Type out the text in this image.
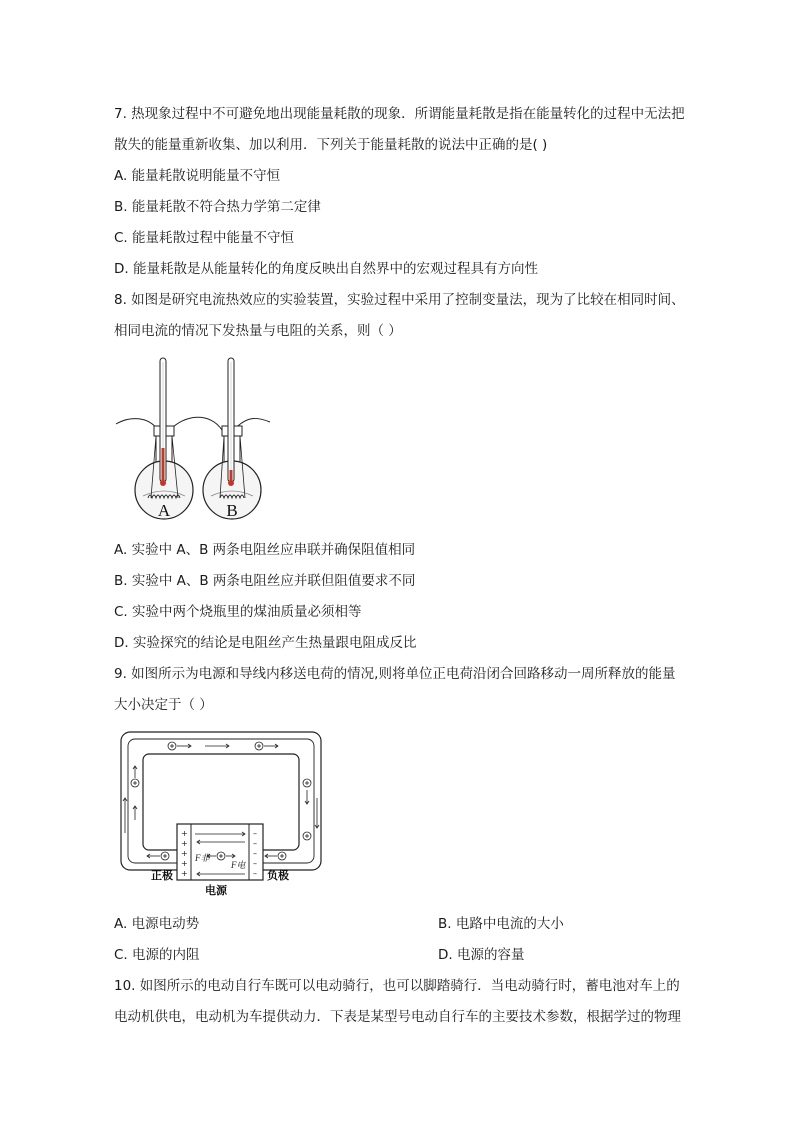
7. 热现象过程中不可避免地出现能量耗散的现象．所谓能量耗散是指在能量转化的过程中无法把
散失的能量重新收集、加以利用．下列关于能量耗散的说法中正确的是( )
A. 能量耗散说明能量不守恒
B. 能量耗散不符合热力学第二定律
C. 能量耗散过程中能量不守恒
D. 能量耗散是从能量转化的角度反映出自然界中的宏观过程具有方向性
8. 如图是研究电流热效应的实验装置，实验过程中采用了控制变量法，现为了比较在相同时间、
相同电流的情况下发热量与电阻的关系，则（ ）
A	B
A. 实验中 A、B 两条电阻丝应串联并确保阻值相同
B. 实验中 A、B 两条电阻丝应并联但阻值要求不同
C. 实验中两个烧瓶里的煤油质量必须相等
D. 实验探究的结论是电阻丝产生热量跟电阻成反比
9. 如图所示为电源和导线内移送电荷的情况,则将单位正电荷沿闭合回路移动一周所释放的能量
大小决定于（ ）
+
+
+
+
+
–
–
–
–
–
F非
F电
正极	负极
电源
A. 电源电动势	B. 电路中电流的大小
C. 电源的内阻	D. 电源的容量
10. 如图所示的电动自行车既可以电动骑行，也可以脚踏骑行．当电动骑行时，蓄电池对车上的
电动机供电，电动机为车提供动力．下表是某型号电动自行车的主要技术参数，根据学过的物理
